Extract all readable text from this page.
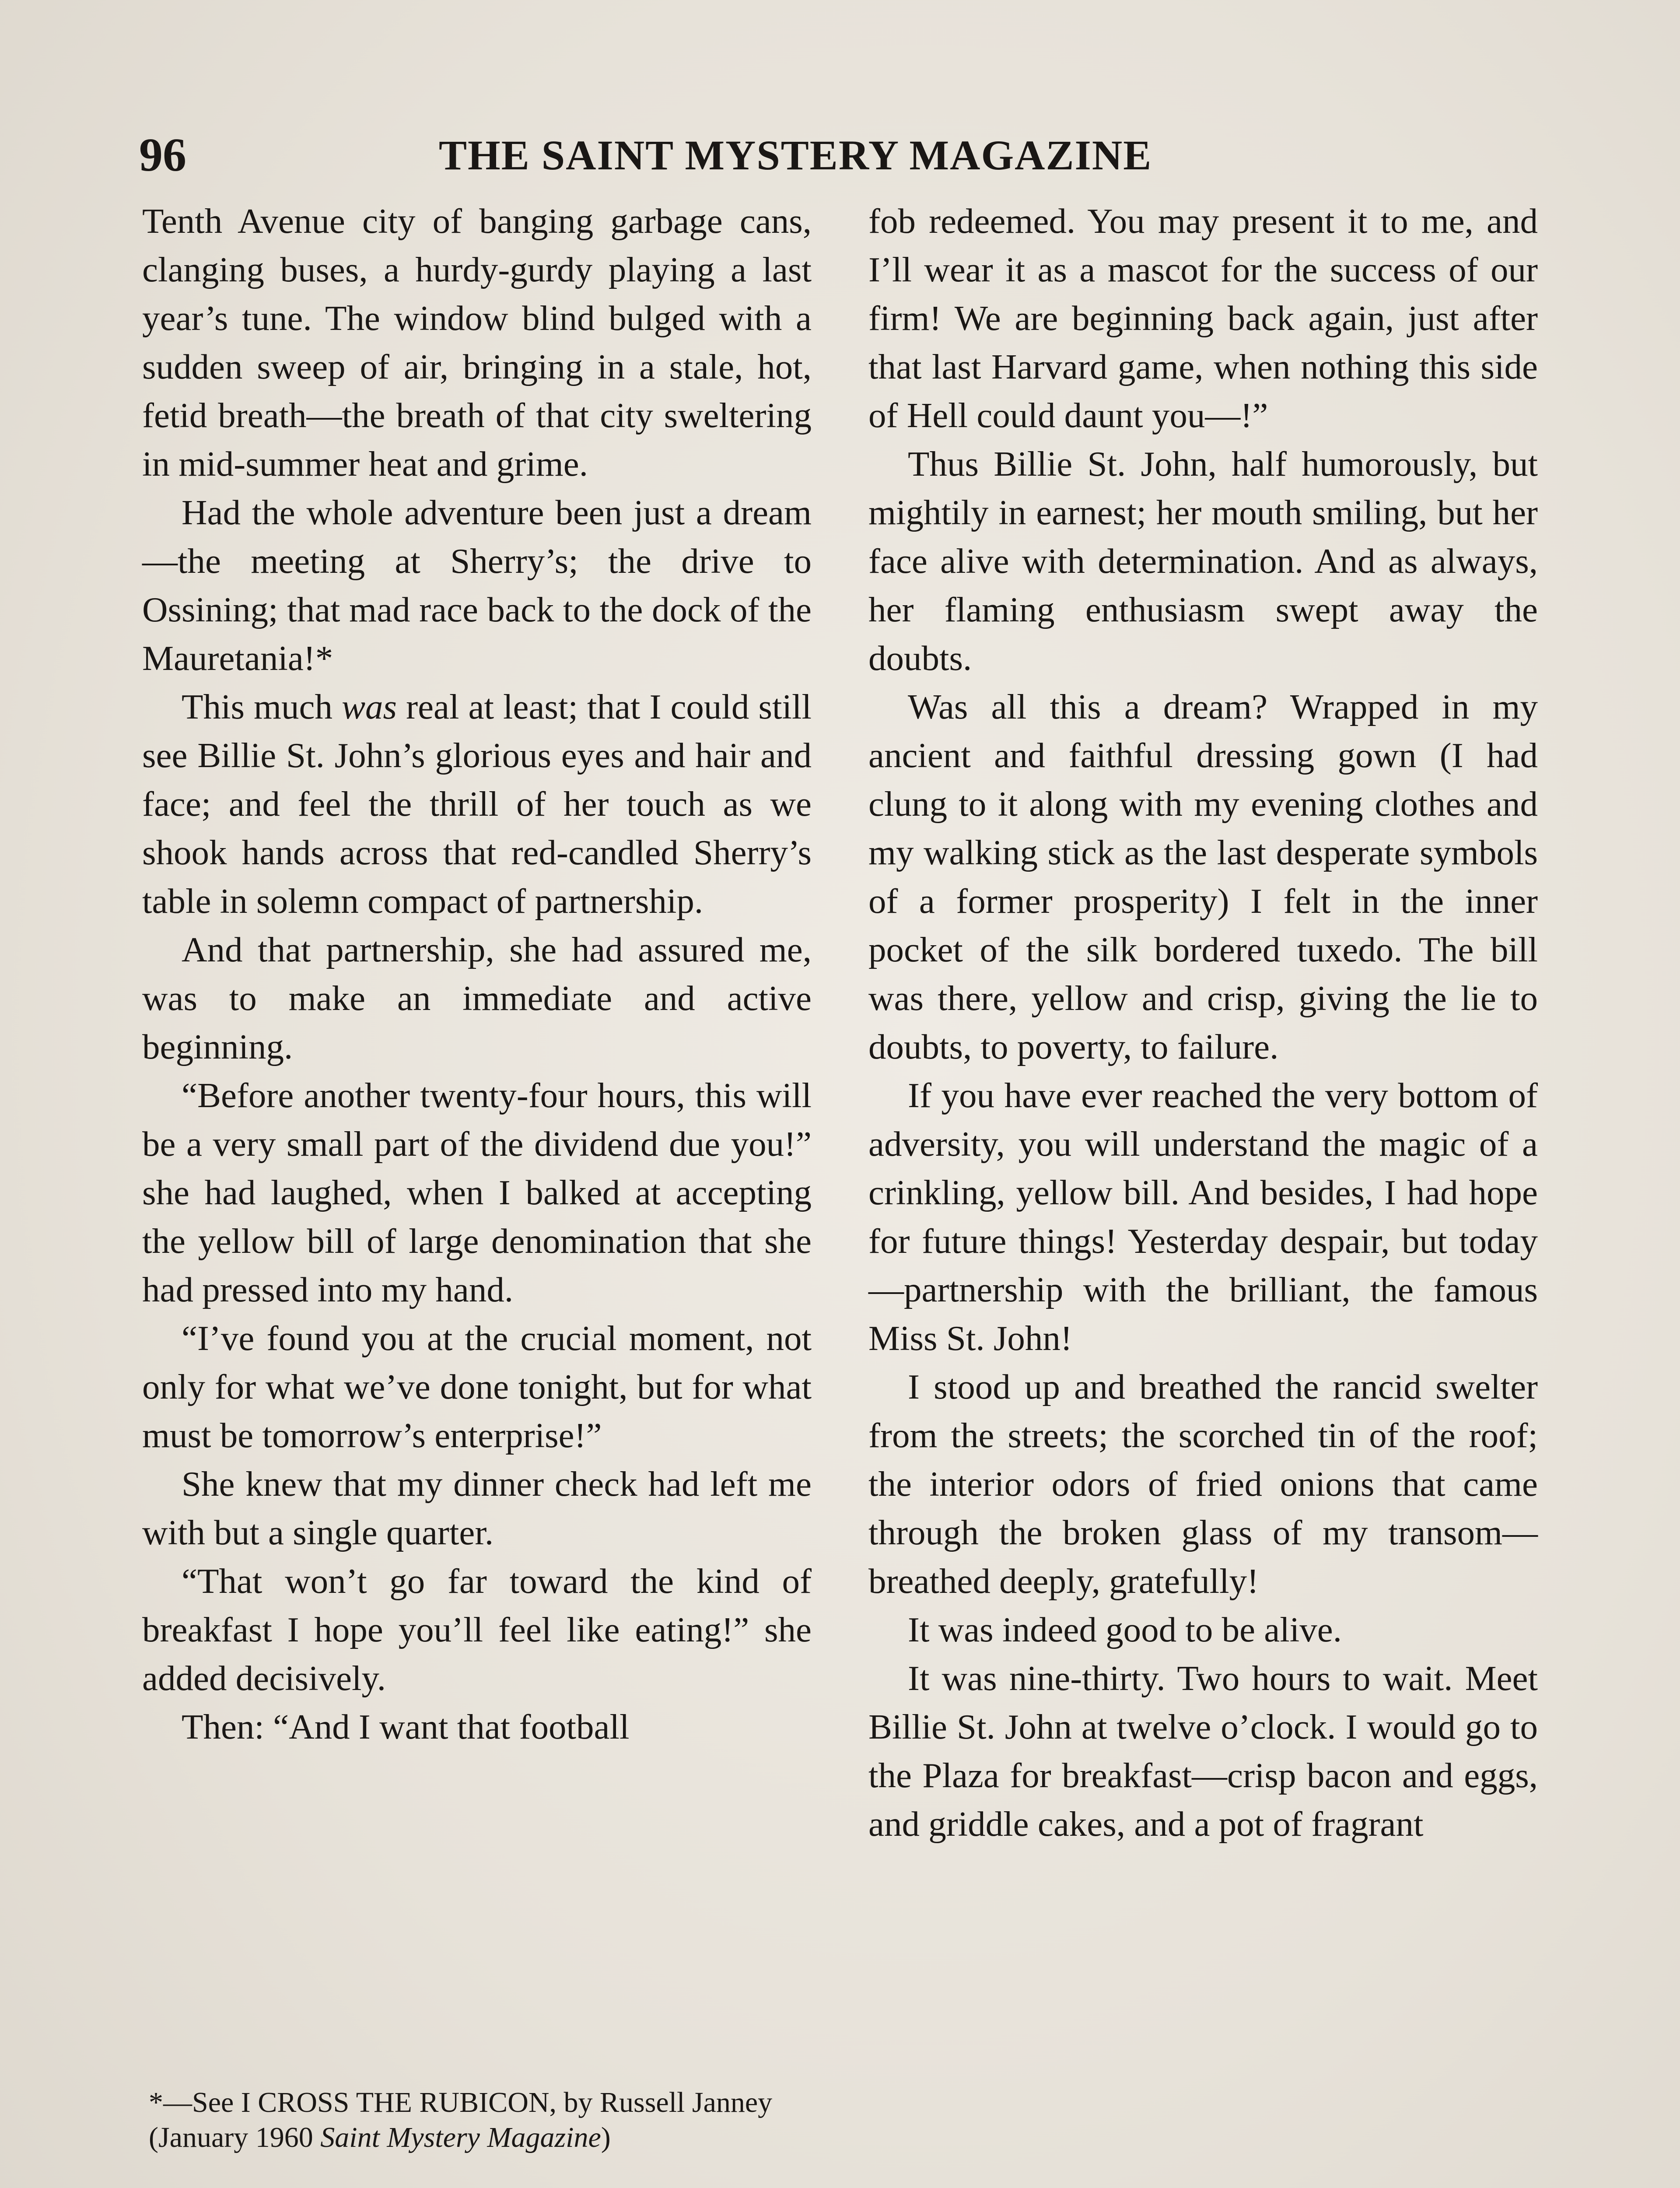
96	THE SAINT MYSTERY MAGAZINE

Tenth Avenue city of banging garbage cans, clanging buses, a hurdy-gurdy playing a last year’s tune. The window blind bulged with a sudden sweep of air, bringing in a stale, hot, fetid breath—the breath of that city sweltering in mid-summer heat and grime.

Had the whole adventure been just a dream—the meeting at Sherry’s; the drive to Ossining; that mad race back to the dock of the Mauretania!*

This much was real at least; that I could still see Billie St. John’s glorious eyes and hair and face; and feel the thrill of her touch as we shook hands across that red-candled Sherry’s table in solemn compact of partnership.

And that partnership, she had assured me, was to make an immediate and active beginning.

“Before another twenty-four hours, this will be a very small part of the dividend due you!” she had laughed, when I balked at accepting the yellow bill of large denomination that she had pressed into my hand.

“I’ve found you at the crucial moment, not only for what we’ve done tonight, but for what must be tomorrow’s enterprise!”

She knew that my dinner check had left me with but a single quarter.

“That won’t go far toward the kind of breakfast I hope you’ll feel like eating!” she added decisively.

Then: “And I want that football

fob redeemed. You may present it to me, and I’ll wear it as a mascot for the success of our firm! We are beginning back again, just after that last Harvard game, when nothing this side of Hell could daunt you—!”

Thus Billie St. John, half humorously, but mightily in earnest; her mouth smiling, but her face alive with determination. And as always, her flaming enthusiasm swept away the doubts.

Was all this a dream? Wrapped in my ancient and faithful dressing gown (I had clung to it along with my evening clothes and my walking stick as the last desperate symbols of a former prosperity) I felt in the inner pocket of the silk bordered tuxedo. The bill was there, yellow and crisp, giving the lie to doubts, to poverty, to failure.

If you have ever reached the very bottom of adversity, you will understand the magic of a crinkling, yellow bill. And besides, I had hope for future things! Yesterday despair, but today—partnership with the brilliant, the famous Miss St. John!

I stood up and breathed the rancid swelter from the streets; the scorched tin of the roof; the interior odors of fried onions that came through the broken glass of my transom—breathed deeply, gratefully!

It was indeed good to be alive.

It was nine-thirty. Two hours to wait. Meet Billie St. John at twelve o’clock. I would go to the Plaza for breakfast—crisp bacon and eggs, and griddle cakes, and a pot of fragrant

*—See I CROSS THE RUBICON, by Russell Janney (January 1960 Saint Mystery Magazine)
